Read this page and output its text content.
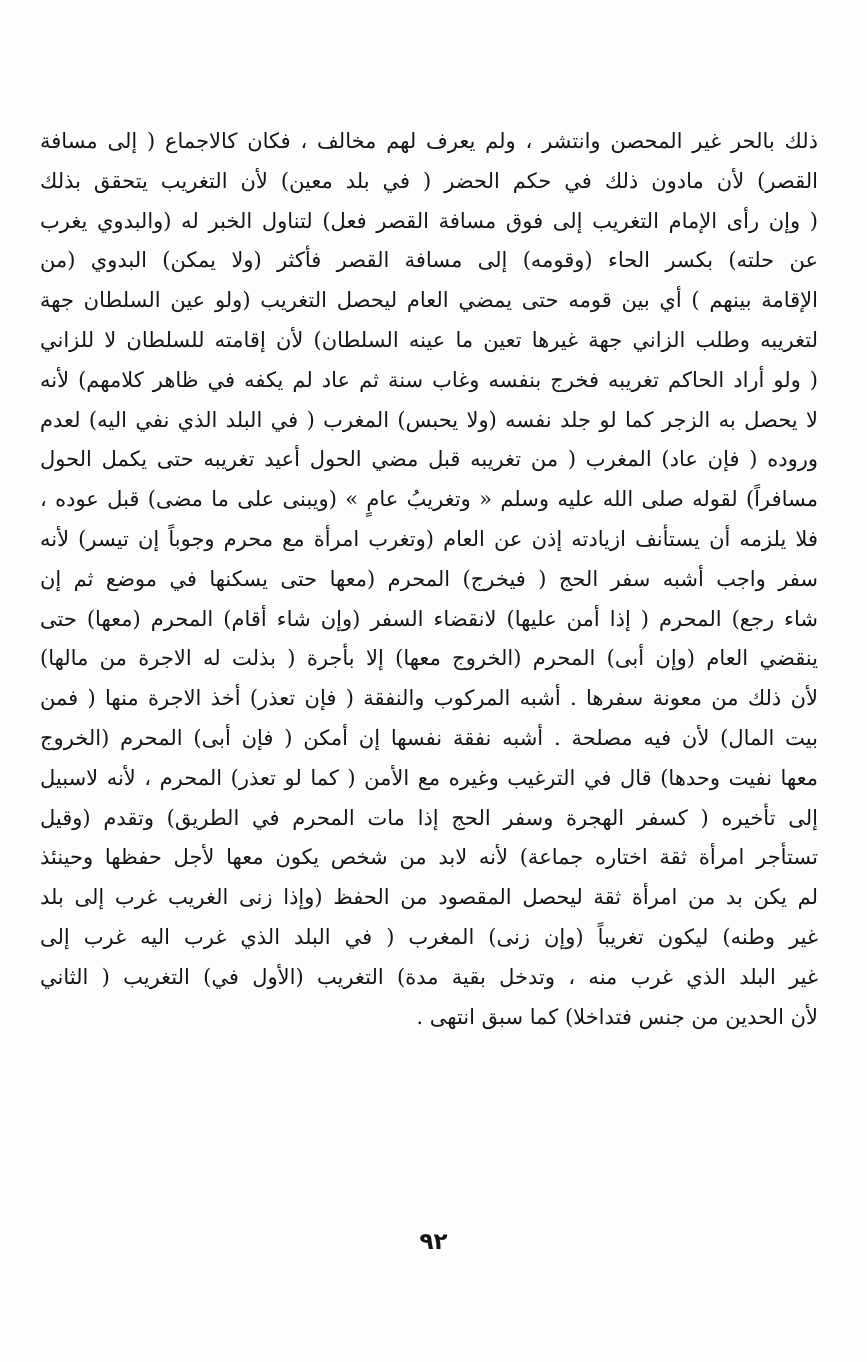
ذلك بالحر غير المحصن وانتشر ، ولم يعرف لهم مخالف ، فكان كالاجماع ( إلى مسافة
القصر) لأن مادون ذلك في حكم الحضر ( في بلد معين) لأن التغريب يتحقق بذلك
( وإن رأى الإمام التغريب إلى فوق مسافة القصر فعل) لتناول الخبر له (والبدوي يغرب
عن حلته) بكسر الحاء (وقومه) إلى مسافة القصر فأكثر (ولا يمكن) البدوي (من
الإقامة بينهم ) أي بين قومه حتى يمضي العام ليحصل التغريب (ولو عين السلطان جهة
لتغريبه وطلب الزاني جهة غيرها تعين ما عينه السلطان) لأن إقامته للسلطان لا للزاني
( ولو أراد الحاكم تغريبه فخرج بنفسه وغاب سنة ثم عاد لم يكفه في ظاهر كلامهم) لأنه
لا يحصل به الزجر كما لو جلد نفسه (ولا يحبس) المغرب ( في البلد الذي نفي اليه) لعدم
وروده ( فإن عاد) المغرب ( من تغريبه قبل مضي الحول أعيد تغريبه حتى يكمل الحول
مسافراً) لقوله صلى الله عليه وسلم « وتغريبُ عامٍ » (ويبنى على ما مضى) قبل عوده ،
فلا يلزمه أن يستأنف ازيادته إذن عن العام (وتغرب امرأة مع محرم وجوباً إن تيسر) لأنه
سفر واجب أشبه سفر الحج ( فيخرج) المحرم (معها حتى يسكنها في موضع ثم إن
شاء رجع) المحرم ( إذا أمن عليها) لانقضاء السفر (وإن شاء أقام) المحرم (معها) حتى
ينقضي العام (وإن أبى) المحرم (الخروج معها) إلا بأجرة ( بذلت له الاجرة من مالها)
لأن ذلك من معونة سفرها . أشبه المركوب والنفقة ( فإن تعذر) أخذ الاجرة منها ( فمن
بيت المال) لأن فيه مصلحة . أشبه نفقة نفسها إن أمكن ( فإن أبى) المحرم (الخروج
معها نفيت وحدها) قال في الترغيب وغيره مع الأمن ( كما لو تعذر) المحرم ، لأنه لاسبيل
إلى تأخيره ( كسفر الهجرة وسفر الحج إذا مات المحرم في الطريق) وتقدم (وقيل
تستأجر امرأة ثقة اختاره جماعة) لأنه لابد من شخص يكون معها لأجل حفظها وحينئذ
لم يكن بد من امرأة ثقة ليحصل المقصود من الحفظ (وإذا زنى الغريب غرب إلى بلد
غير وطنه) ليكون تغريباً (وإن زنى) المغرب ( في البلد الذي غرب اليه غرب إلى
غير البلد الذي غرب منه ، وتدخل بقية مدة) التغريب (الأول في) التغريب ( الثاني
لأن الحدين من جنس فتداخلا) كما سبق انتهى .
٩٢
